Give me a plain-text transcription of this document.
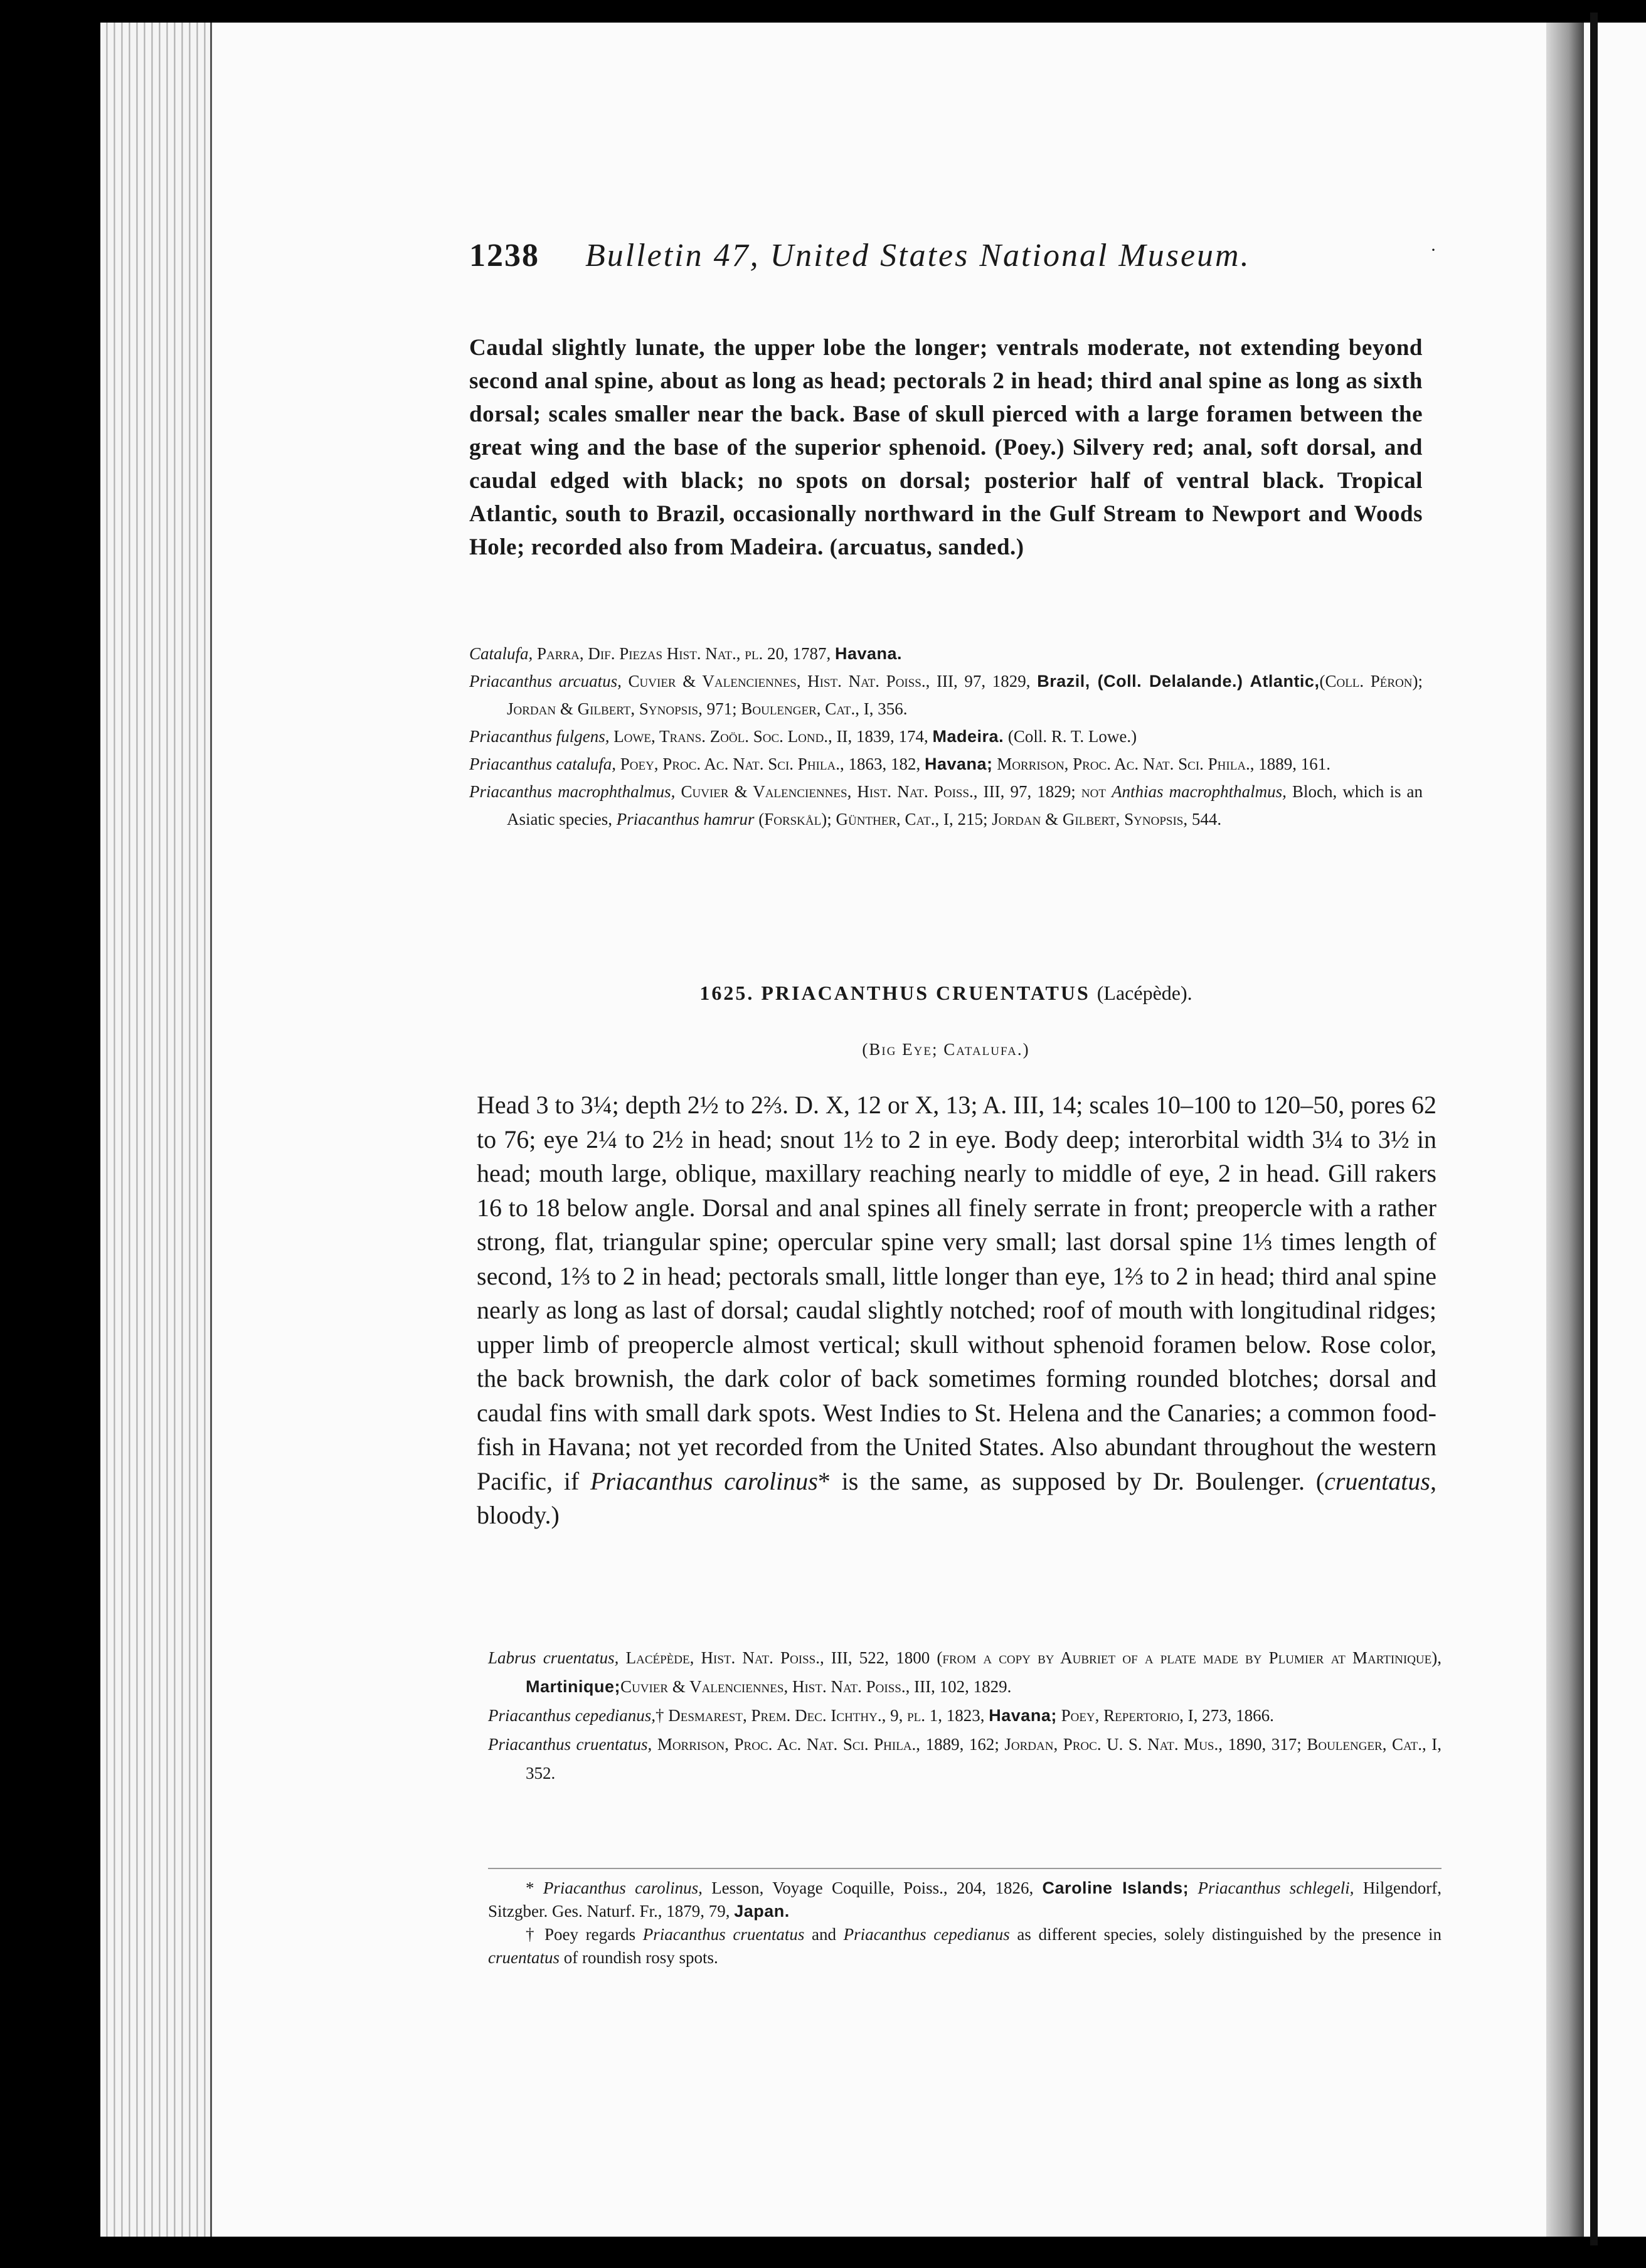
1238 Bulletin 47, United States National Museum.	·
Caudal slightly lunate, the upper lobe the longer; ventrals moderate, not extending beyond second anal spine, about as long as head; pectorals 2 in head; third anal spine as long as sixth dorsal; scales smaller near the back. Base of skull pierced with a large foramen between the great wing and the base of the superior sphenoid. (Poey.) Silvery red; anal, soft dorsal, and caudal edged with black; no spots on dorsal; posterior half of ventral black. Tropical Atlantic, south to Brazil, occasionally northward in the Gulf Stream to Newport and Woods Hole; recorded also from Madeira. (arcuatus, sanded.)

Catalufa, Parra, Dif. Piezas Hist. Nat., pl. 20, 1787, Havana.

Priacanthus arcuatus, Cuvier & Valenciennes, Hist. Nat. Poiss., III, 97, 1829, Brazil, (Coll. Delalande.) Atlantic,(Coll. Péron); Jordan & Gilbert, Synopsis, 971; Boulenger, Cat., I, 356.

Priacanthus fulgens, Lowe, Trans. Zoöl. Soc. Lond., II, 1839, 174, Madeira. (Coll. R. T. Lowe.)

Priacanthus catalufa, Poey, Proc. Ac. Nat. Sci. Phila., 1863, 182, Havana; Morrison, Proc. Ac. Nat. Sci. Phila., 1889, 161.

Priacanthus macrophthalmus, Cuvier & Valenciennes, Hist. Nat. Poiss., III, 97, 1829; not Anthias macrophthalmus, Bloch, which is an Asiatic species, Priacanthus hamrur (Forskål); Günther, Cat., I, 215; Jordan & Gilbert, Synopsis, 544.

1625. PRIACANTHUS CRUENTATUS (Lacépède).
(Big Eye; Catalufa.)
Head 3 to 3¼; depth 2½ to 2⅔. D. X, 12 or X, 13; A. III, 14; scales 10–100 to 120–50, pores 62 to 76; eye 2¼ to 2½ in head; snout 1½ to 2 in eye. Body deep; interorbital width 3¼ to 3½ in head; mouth large, oblique, maxillary reaching nearly to middle of eye, 2 in head. Gill rakers 16 to 18 below angle. Dorsal and anal spines all finely serrate in front; preopercle with a rather strong, flat, triangular spine; opercular spine very small; last dorsal spine 1⅓ times length of second, 1⅔ to 2 in head; pectorals small, little longer than eye, 1⅔ to 2 in head; third anal spine nearly as long as last of dorsal; caudal slightly notched; roof of mouth with longitudinal ridges; upper limb of preopercle almost vertical; skull without sphenoid foramen below. Rose color, the back brownish, the dark color of back sometimes forming rounded blotches; dorsal and caudal fins with small dark spots. West Indies to St. Helena and the Canaries; a common food-fish in Havana; not yet recorded from the United States. Also abundant throughout the western Pacific, if Priacanthus carolinus* is the same, as supposed by Dr. Boulenger. (cruentatus, bloody.)

Labrus cruentatus, Lacépède, Hist. Nat. Poiss., III, 522, 1800 (from a copy by Aubriet of a plate made by Plumier at Martinique), Martinique;Cuvier & Valenciennes, Hist. Nat. Poiss., III, 102, 1829.

Priacanthus cepedianus,† Desmarest, Prem. Dec. Ichthy., 9, pl. 1, 1823, Havana; Poey, Repertorio, I, 273, 1866.

Priacanthus cruentatus, Morrison, Proc. Ac. Nat. Sci. Phila., 1889, 162; Jordan, Proc. U. S. Nat. Mus., 1890, 317; Boulenger, Cat., I, 352.

* Priacanthus carolinus, Lesson, Voyage Coquille, Poiss., 204, 1826, Caroline Islands; Priacanthus schlegeli, Hilgendorf, Sitzgber. Ges. Naturf. Fr., 1879, 79, Japan.

† Poey regards Priacanthus cruentatus and Priacanthus cepedianus as different species, solely distinguished by the presence in cruentatus of roundish rosy spots.
